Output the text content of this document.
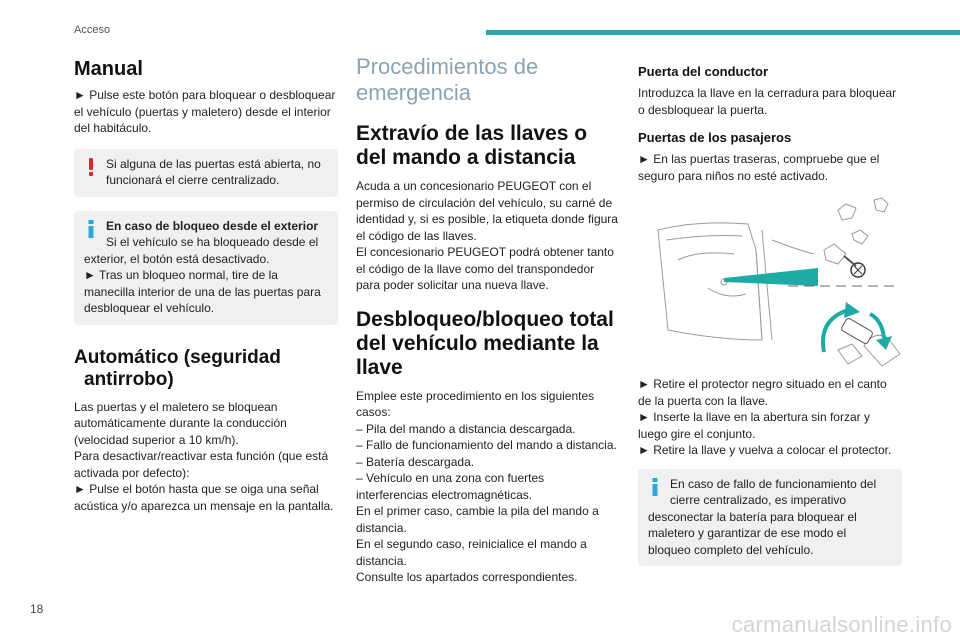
Acceso
Manual

► Pulse este botón para bloquear o desbloquear el vehículo (puertas y maletero) desde el interior del habitáculo.

Si alguna de las puertas está abierta, no funcionará el cierre centralizado.

En caso de bloqueo desde el exterior

Si el vehículo se ha bloqueado desde el

exterior, el botón está desactivado.

► Tras un bloqueo normal, tire de la manecilla interior de una de las puertas para desbloquear el vehículo.

Automático (seguridad
antirrobo)

Las puertas y el maletero se bloquean automáticamente durante la conducción (velocidad superior a 10 km/h).

Para desactivar/reactivar esta función (que está activada por defecto):

► Pulse el botón hasta que se oiga una señal acústica y/o aparezca un mensaje en la pantalla.

Procedimientos de emergencia
Extravío de las llaves o del mando a distancia

Acuda a un concesionario PEUGEOT con el permiso de circulación del vehículo, su carné de identidad y, si es posible, la etiqueta donde figura el código de las llaves.

El concesionario PEUGEOT podrá obtener tanto el código de la llave como del transpondedor para poder solicitar una nueva llave.

Desbloqueo/bloqueo total del vehículo mediante la llave

Emplee este procedimiento en los siguientes casos:

– Pila del mando a distancia descargada.

– Fallo de funcionamiento del mando a distancia.

– Batería descargada.

– Vehículo en una zona con fuertes interferencias electromagnéticas.

En el primer caso, cambie la pila del mando a distancia.

En el segundo caso, reinicialice el mando a distancia.

Consulte los apartados correspondientes.

Puerta del conductor

Introduzca la llave en la cerradura para bloquear o desbloquear la puerta.

Puertas de los pasajeros

► En las puertas traseras, compruebe que el seguro para niños no esté activado.

► Retire el protector negro situado en el canto de la puerta con la llave.

► Inserte la llave en la abertura sin forzar y luego gire el conjunto.

► Retire la llave y vuelva a colocar el protector.

En caso de fallo de funcionamiento del

cierre centralizado, es imperativo

desconectar la batería para bloquear el maletero y garantizar de ese modo el bloqueo completo del vehículo.

18
carmanualsonline.info
